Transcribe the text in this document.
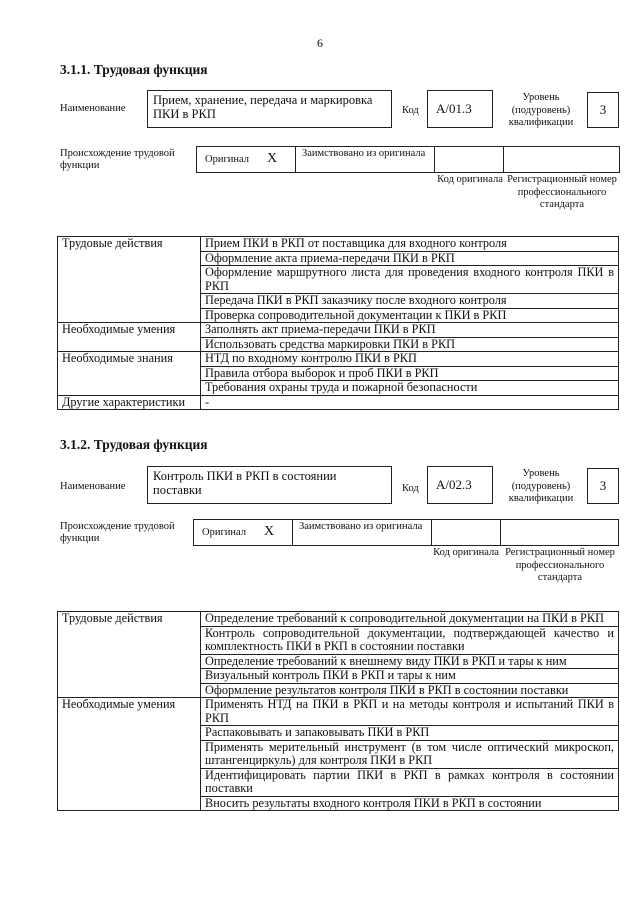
6
3.1.1. Трудовая функция
Наименование
Прием, хранение, передача и маркировка ПКИ в РКП	Код	А/01.3
Уровень (подуровень) квалификации
3
Происхождение трудовой функции
Оригинал X	Заимствовано из оригинала
Код оригинала Регистрационный номер профессионального стандарта
Трудовые действия	Прием ПКИ в РКП от поставщика для входного контроля
	Оформление акта приема-передачи ПКИ в РКП
	Оформление маршрутного листа для проведения входного контроля ПКИ в РКП
	Передача ПКИ в РКП заказчику после входного контроля
	Проверка сопроводительной документации к ПКИ в РКП
Необходимые умения	Заполнять акт приема-передачи ПКИ в РКП
	Использовать средства маркировки ПКИ в РКП
Необходимые знания	НТД по входному контролю ПКИ в РКП
	Правила отбора выборок и проб ПКИ в РКП
	Требования охраны труда и пожарной безопасности
Другие характеристики	-
3.1.2. Трудовая функция
Наименование
Контроль ПКИ в РКП в состоянии поставки	Код	А/02.3
Уровень (подуровень) квалификации
3
Происхождение трудовой функции
Оригинал X	Заимствовано из оригинала
Код оригинала Регистрационный номер профессионального стандарта
Трудовые действия	Определение требований к сопроводительной документации на ПКИ в РКП
	Контроль сопроводительной документации, подтверждающей качество и комплектность ПКИ в РКП в состоянии поставки
	Определение требований к внешнему виду ПКИ в РКП и тары к ним
	Визуальный контроль ПКИ в РКП и тары к ним
	Оформление результатов контроля ПКИ в РКП в состоянии поставки
Необходимые умения	Применять НТД на ПКИ в РКП и на методы контроля и испытаний ПКИ в РКП
	Распаковывать и запаковывать ПКИ в РКП
	Применять мерительный инструмент (в том числе оптический микроскоп, штангенциркуль) для контроля ПКИ в РКП
	Идентифицировать партии ПКИ в РКП в рамках контроля в состоянии поставки
	Вносить результаты входного контроля ПКИ в РКП в состоянии
